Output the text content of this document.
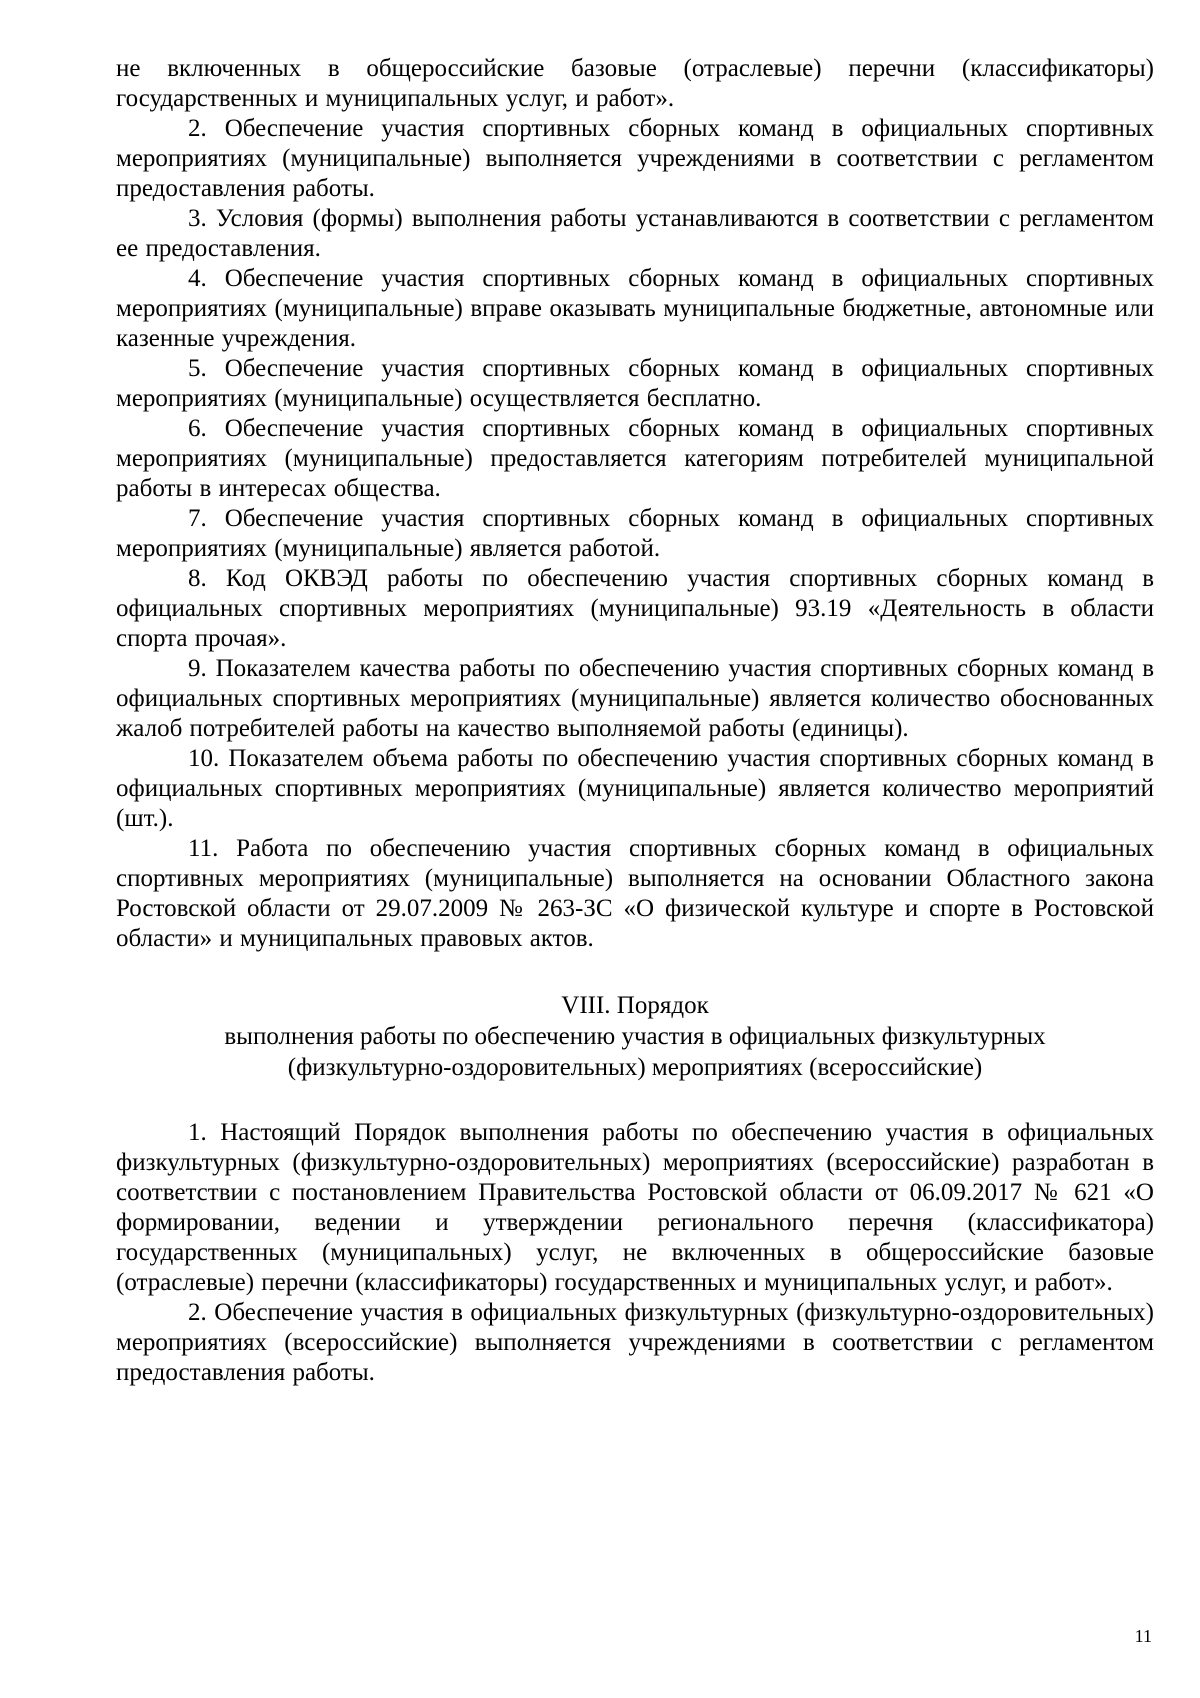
не включенных в общероссийские базовые (отраслевые) перечни (классификаторы) государственных и муниципальных услуг, и работ».

2. Обеспечение участия спортивных сборных команд в официальных спортивных мероприятиях (муниципальные) выполняется учреждениями в соответствии с регламентом предоставления работы.

3. Условия (формы) выполнения работы устанавливаются в соответствии с регламентом ее предоставления.

4. Обеспечение участия спортивных сборных команд в официальных спортивных мероприятиях (муниципальные) вправе оказывать муниципальные бюджетные, автономные или казенные учреждения.

5. Обеспечение участия спортивных сборных команд в официальных спортивных мероприятиях (муниципальные) осуществляется бесплатно.

6. Обеспечение участия спортивных сборных команд в официальных спортивных мероприятиях (муниципальные) предоставляется категориям потребителей муниципальной работы в интересах общества.

7. Обеспечение участия спортивных сборных команд в официальных спортивных мероприятиях (муниципальные) является работой.

8. Код ОКВЭД работы по обеспечению участия спортивных сборных команд в официальных спортивных мероприятиях (муниципальные) 93.19 «Деятельность в области спорта прочая».

9. Показателем качества работы по обеспечению участия спортивных сборных команд в официальных спортивных мероприятиях (муниципальные) является количество обоснованных жалоб потребителей работы на качество выполняемой работы (единицы).

10. Показателем объема работы по обеспечению участия спортивных сборных команд в официальных спортивных мероприятиях (муниципальные) является количество мероприятий (шт.).

11. Работа по обеспечению участия спортивных сборных команд в официальных спортивных мероприятиях (муниципальные) выполняется на основании Областного закона Ростовской области от 29.07.2009 № 263-ЗС «О физической культуре и спорте в Ростовской области» и муниципальных правовых актов.

VIII. Порядок
выполнения работы по обеспечению участия в официальных физкультурных
(физкультурно-оздоровительных) мероприятиях (всероссийские)

1. Настоящий Порядок выполнения работы по обеспечению участия в официальных физкультурных (физкультурно-оздоровительных) мероприятиях (всероссийские) разработан в соответствии с постановлением Правительства Ростовской области от 06.09.2017 № 621 «О формировании, ведении и утверждении регионального перечня (классификатора) государственных (муниципальных) услуг, не включенных в общероссийские базовые (отраслевые) перечни (классификаторы) государственных и муниципальных услуг, и работ».

2. Обеспечение участия в официальных физкультурных (физкультурно-оздоровительных) мероприятиях (всероссийские) выполняется учреждениями в соответствии с регламентом предоставления работы.

11
